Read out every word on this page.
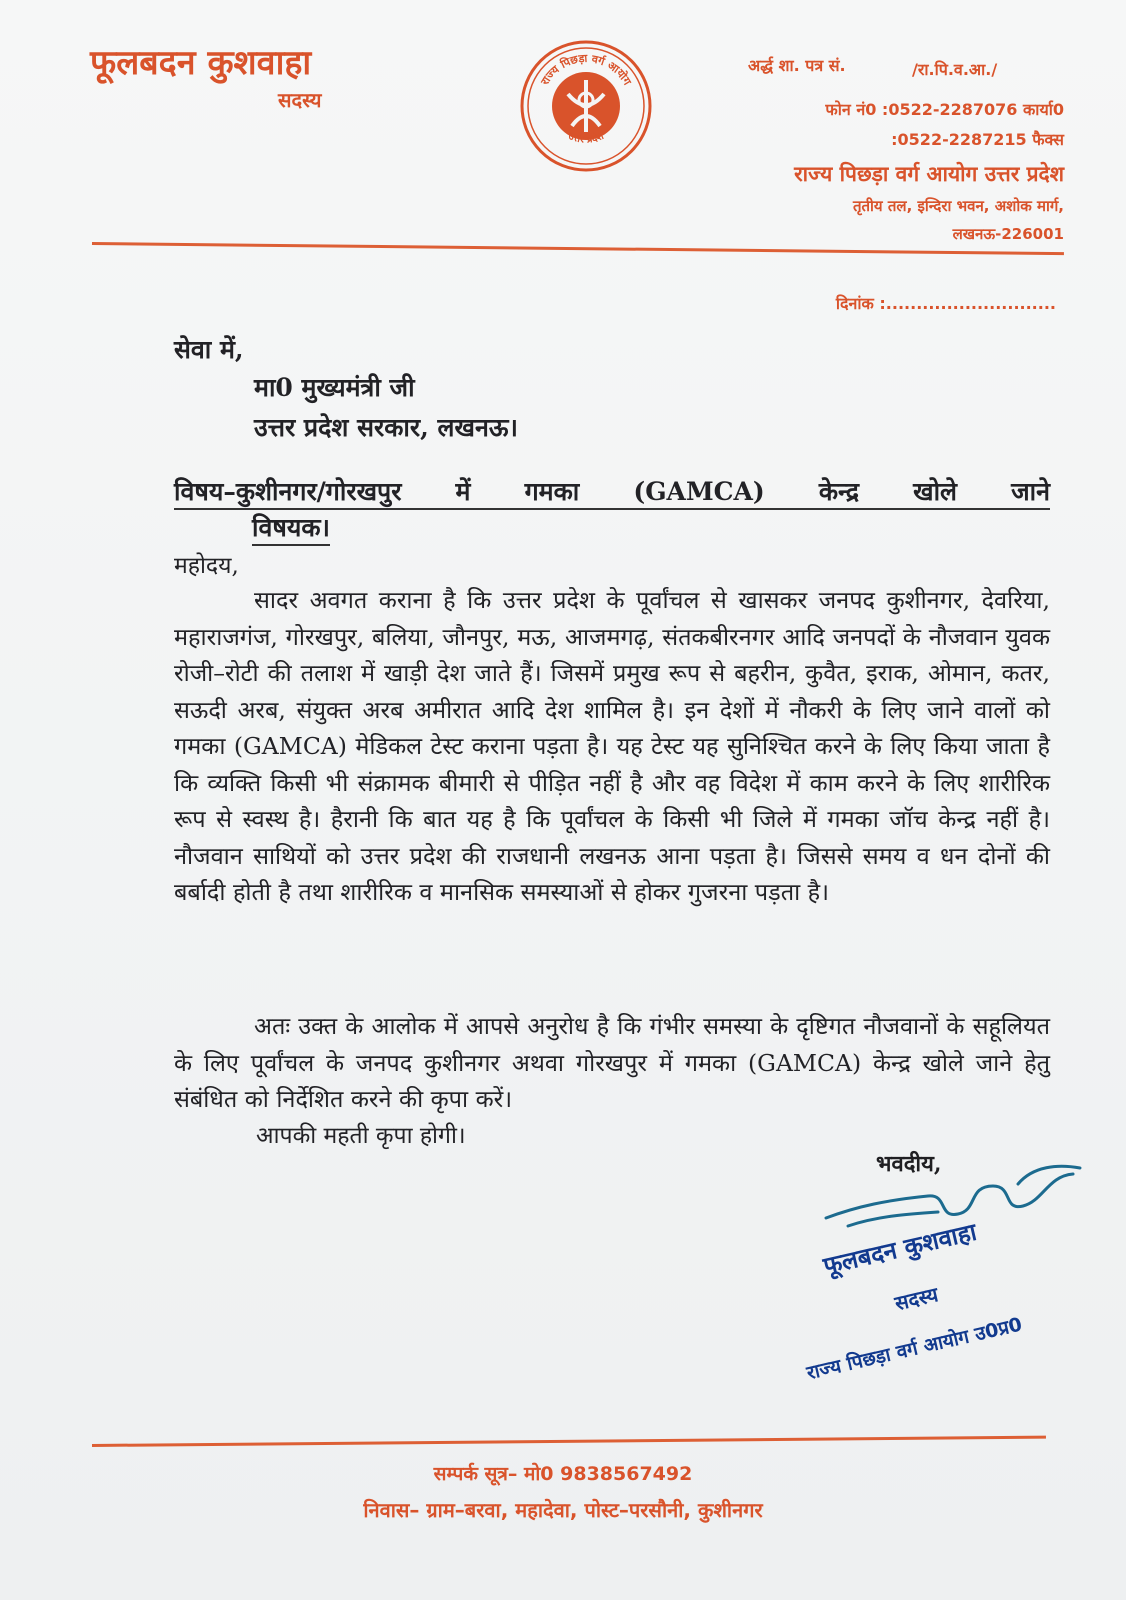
फूलबदन कुशवाहा
सदस्य
राज्य पिछड़ा वर्ग आयोग
उत्तर प्रदेश
अर्द्ध शा. पत्र सं.	/रा.पि.व.आ./
फोन नं0 :0522-2287076 कार्या0
:0522-2287215 फैक्स
राज्य पिछड़ा वर्ग आयोग उत्तर प्रदेश
तृतीय तल, इन्दिरा भवन, अशोक मार्ग,
लखनऊ-226001
दिनांक :............................
सेवा में,
मा0 मुख्यमंत्री जी
उत्तर प्रदेश सरकार, लखनऊ।
विषय–कुशीनगर/गोरखपुर में गमका (GAMCA) केन्द्र खोले जाने
विषयक।
महोदय,
सादर अवगत कराना है कि उत्तर प्रदेश के पूर्वांचल से खासकर जनपद कुशीनगर, देवरिया, महाराजगंज, गोरखपुर, बलिया, जौनपुर, मऊ, आजमगढ़, संतकबीरनगर आदि जनपदों के नौजवान युवक रोजी–रोटी की तलाश में खाड़ी देश जाते हैं। जिसमें प्रमुख रूप से बहरीन, कुवैत, इराक, ओमान, कतर, सऊदी अरब, संयुक्त अरब अमीरात आदि देश शामिल है। इन देशों में नौकरी के लिए जाने वालों को गमका (GAMCA) मेडिकल टेस्ट कराना पड़ता है। यह टेस्ट यह सुनिश्चित करने के लिए किया जाता है कि व्यक्ति किसी भी संक्रामक बीमारी से पीड़ित नहीं है और वह विदेश में काम करने के लिए शारीरिक रूप से स्वस्थ है। हैरानी कि बात यह है कि पूर्वांचल के किसी भी जिले में गमका जॉच केन्द्र नहीं है। नौजवान साथियों को उत्तर प्रदेश की राजधानी लखनऊ आना पड़ता है। जिससे समय व धन दोनों की बर्बादी होती है तथा शारीरिक व मानसिक समस्याओं से होकर गुजरना पड़ता है।
अतः उक्त के आलोक में आपसे अनुरोध है कि गंभीर समस्या के दृष्टिगत नौजवानों के सहूलियत के लिए पूर्वांचल के जनपद कुशीनगर अथवा गोरखपुर में गमका (GAMCA) केन्द्र खोले जाने हेतु संबंधित को निर्देशित करने की कृपा करें।
आपकी महती कृपा होगी।
भवदीय,
फूलबदन कुशवाहा
सदस्य
राज्य पिछड़ा वर्ग आयोग उ0प्र0
सम्पर्क सूत्र– मो0 9838567492
निवास– ग्राम–बरवा, महादेवा, पोस्ट–परसौनी, कुशीनगर
